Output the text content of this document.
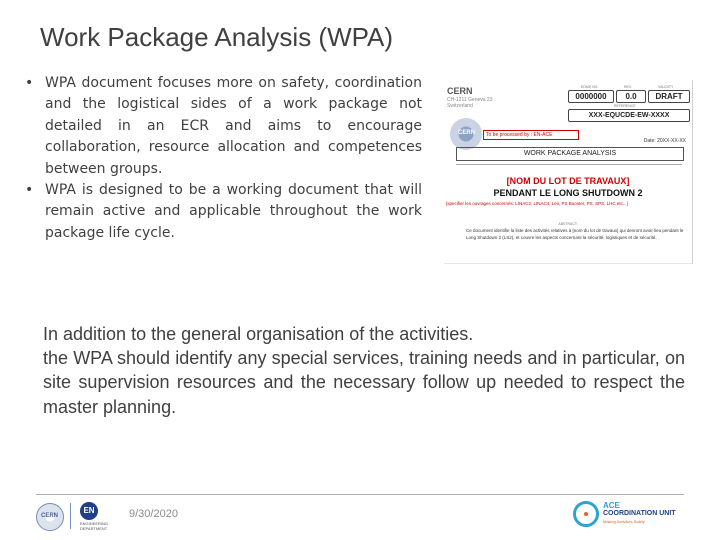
Work Package Analysis (WPA)
• WPA document focuses more on safety, coordination and the logistical sides of a work package not detailed in an ECR and aims to encourage collaboration, resource allocation and competences between groups.
• WPA is designed to be a working document that will remain active and applicable throughout the work package life cycle.
CERN
CH-1211 Geneva 23 Switzerland
CERN
EDMS NO.	REV.	VALIDITY
0000000	0.0	DRAFT
REFERENCE
XXX-EQUCDE-EW-XXXX
To be processed by : EN-ACE
Date: 20XX-XX-XX
WORK PACKAGE ANALYSIS
[NOM DU LOT DE TRAVAUX]
PENDANT LE LONG SHUTDOWN 2
[specifier les ouvrages concernés: LINAC2, LINAC4, Leir, PS Booster, PS, SPS, LHC etc...]
ABSTRACT:
Ce document identifie la liste des activités relatives à [nom du lot de travaux] qui devront avoir lieu pendant le Long Shutdown 2 (LS2), et couvre les aspects concernant la sécurité, logistiques et de sécurité.

In addition to the general organisation of the activities.

the WPA should identify any special services, training needs and in particular, on site supervision resources and the necessary follow up needed to respect the master planning.

CERN
EN
ENGINEERING DEPARTMENT
9/30/2020
ACE
COORDINATION UNIT
Making Activities Safely
